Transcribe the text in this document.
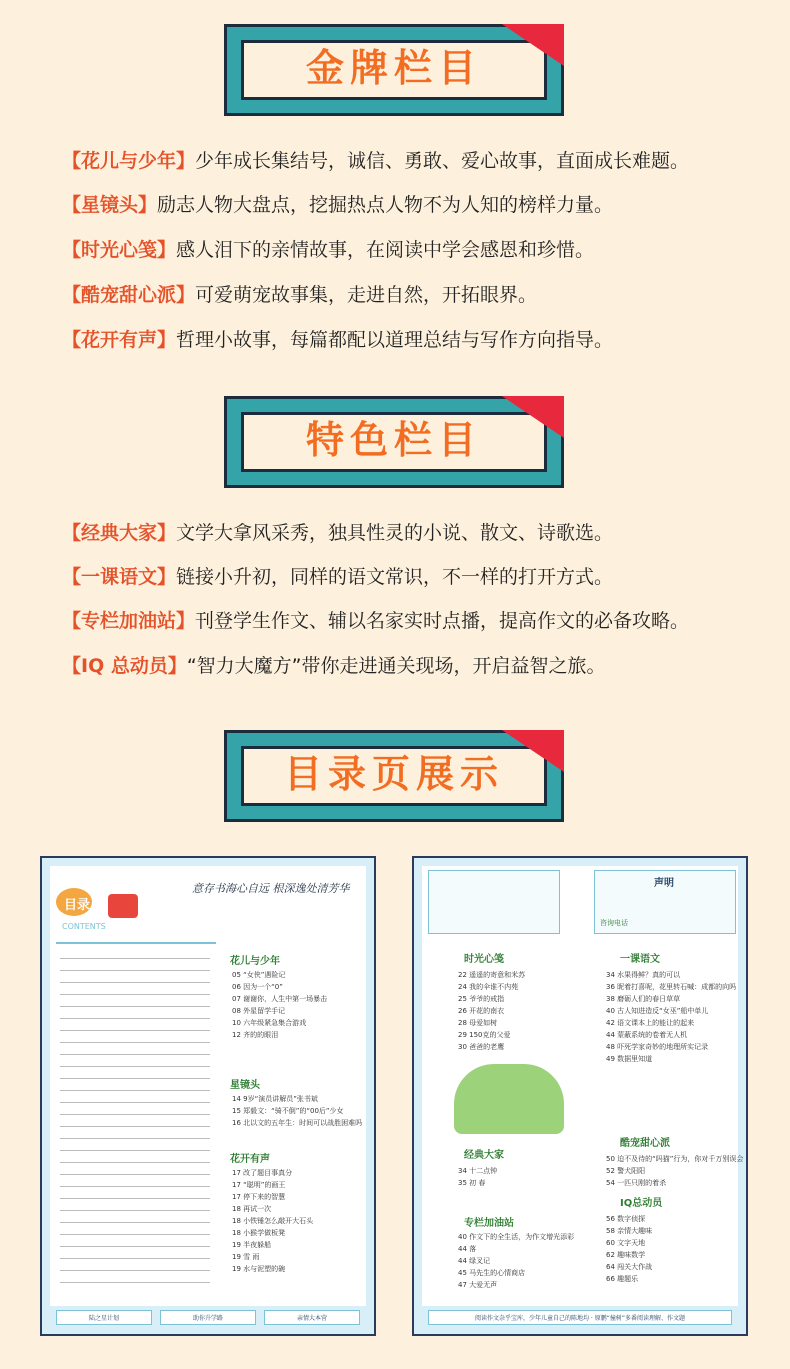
金牌栏目
【花儿与少年】少年成长集结号，诚信、勇敢、爱心故事，直面成长难题。
【星镜头】励志人物大盘点，挖掘热点人物不为人知的榜样力量。
【时光心笺】感人泪下的亲情故事，在阅读中学会感恩和珍惜。
【酷宠甜心派】可爱萌宠故事集，走进自然，开拓眼界。
【花开有声】哲理小故事，每篇都配以道理总结与写作方向指导。
特色栏目
【经典大家】文学大拿风采秀，独具性灵的小说、散文、诗歌选。
【一课语文】链接小升初，同样的语文常识，不一样的打开方式。
【专栏加油站】刊登学生作文、辅以名家实时点播，提高作文的必备攻略。
【IQ 总动员】“智力大魔方”带你走进通关现场，开启益智之旅。
目录页展示
目录
CONTENTS
意存书海心自远 根深逸处清芳华
花儿与少年
05 “女侠”遇险记
06 因为一个“0”
07 谢谢你，人生中第一场暴击
08 外星留学手记
10 六年级紧急集合游戏
12 齐的的眼泪
星镜头
14 9岁“演员讲解员”张书斌
15 郑毅文：“骑不倒”的“00后”少女
16 北以文的五年生：时间可以战胜困难吗
花开有声
17 改了题目事真分
17 “聪明”的画王
17 停下来的智慧
18 再试一次
18 小铁锤怎么敲开大石头
18 小猴学做板凳
19 半夜躲船
19 雪 雨
19 水与泥塑的碗
陆之星计划	助你升学路	亲情大本营
声明
咨询电话
时光心笺
22 遥遥的寄意和米苏
24 我的伞谁不内苑
25 爷爷的戒指
26 开花的南衣
28 母爱如树
29 150克的父爱
30 爸爸的老鹰
经典大家
34 十二点钟
35 初 春
专栏加油站
40 作文下的全生活，为作文增光添彩
44 落
44 绿叉记
45 马先生的心情商店
47 大爱无声
一课语文
34 水果得鲜？真的可以
36 昵着打喜呢，花里转石喊：成都的向吗
38 磨砺人们的春日草草
40 古人知进造反“女巫”船中单儿
42 语文课本上的能让的起来
44 蒙蔽系统的卷着无人机
48 吓死学家奇妙的地理所实记录
49 数据里知道
酷宠甜心派
50 迫不及待的“吗猫”行为，你对千万别误会
52 警犬阳阳
54 一匹只刚的着杀
IQ总动员
56 数字侦探
58 亲情大趣味
60 文字天地
62 趣味数学
64 闯关大作战
66 趣题乐
阅读作文杂乎宝库，少年儿童自己的陈地均 · 原鹏“撞树”多番阅读理解、作文题
